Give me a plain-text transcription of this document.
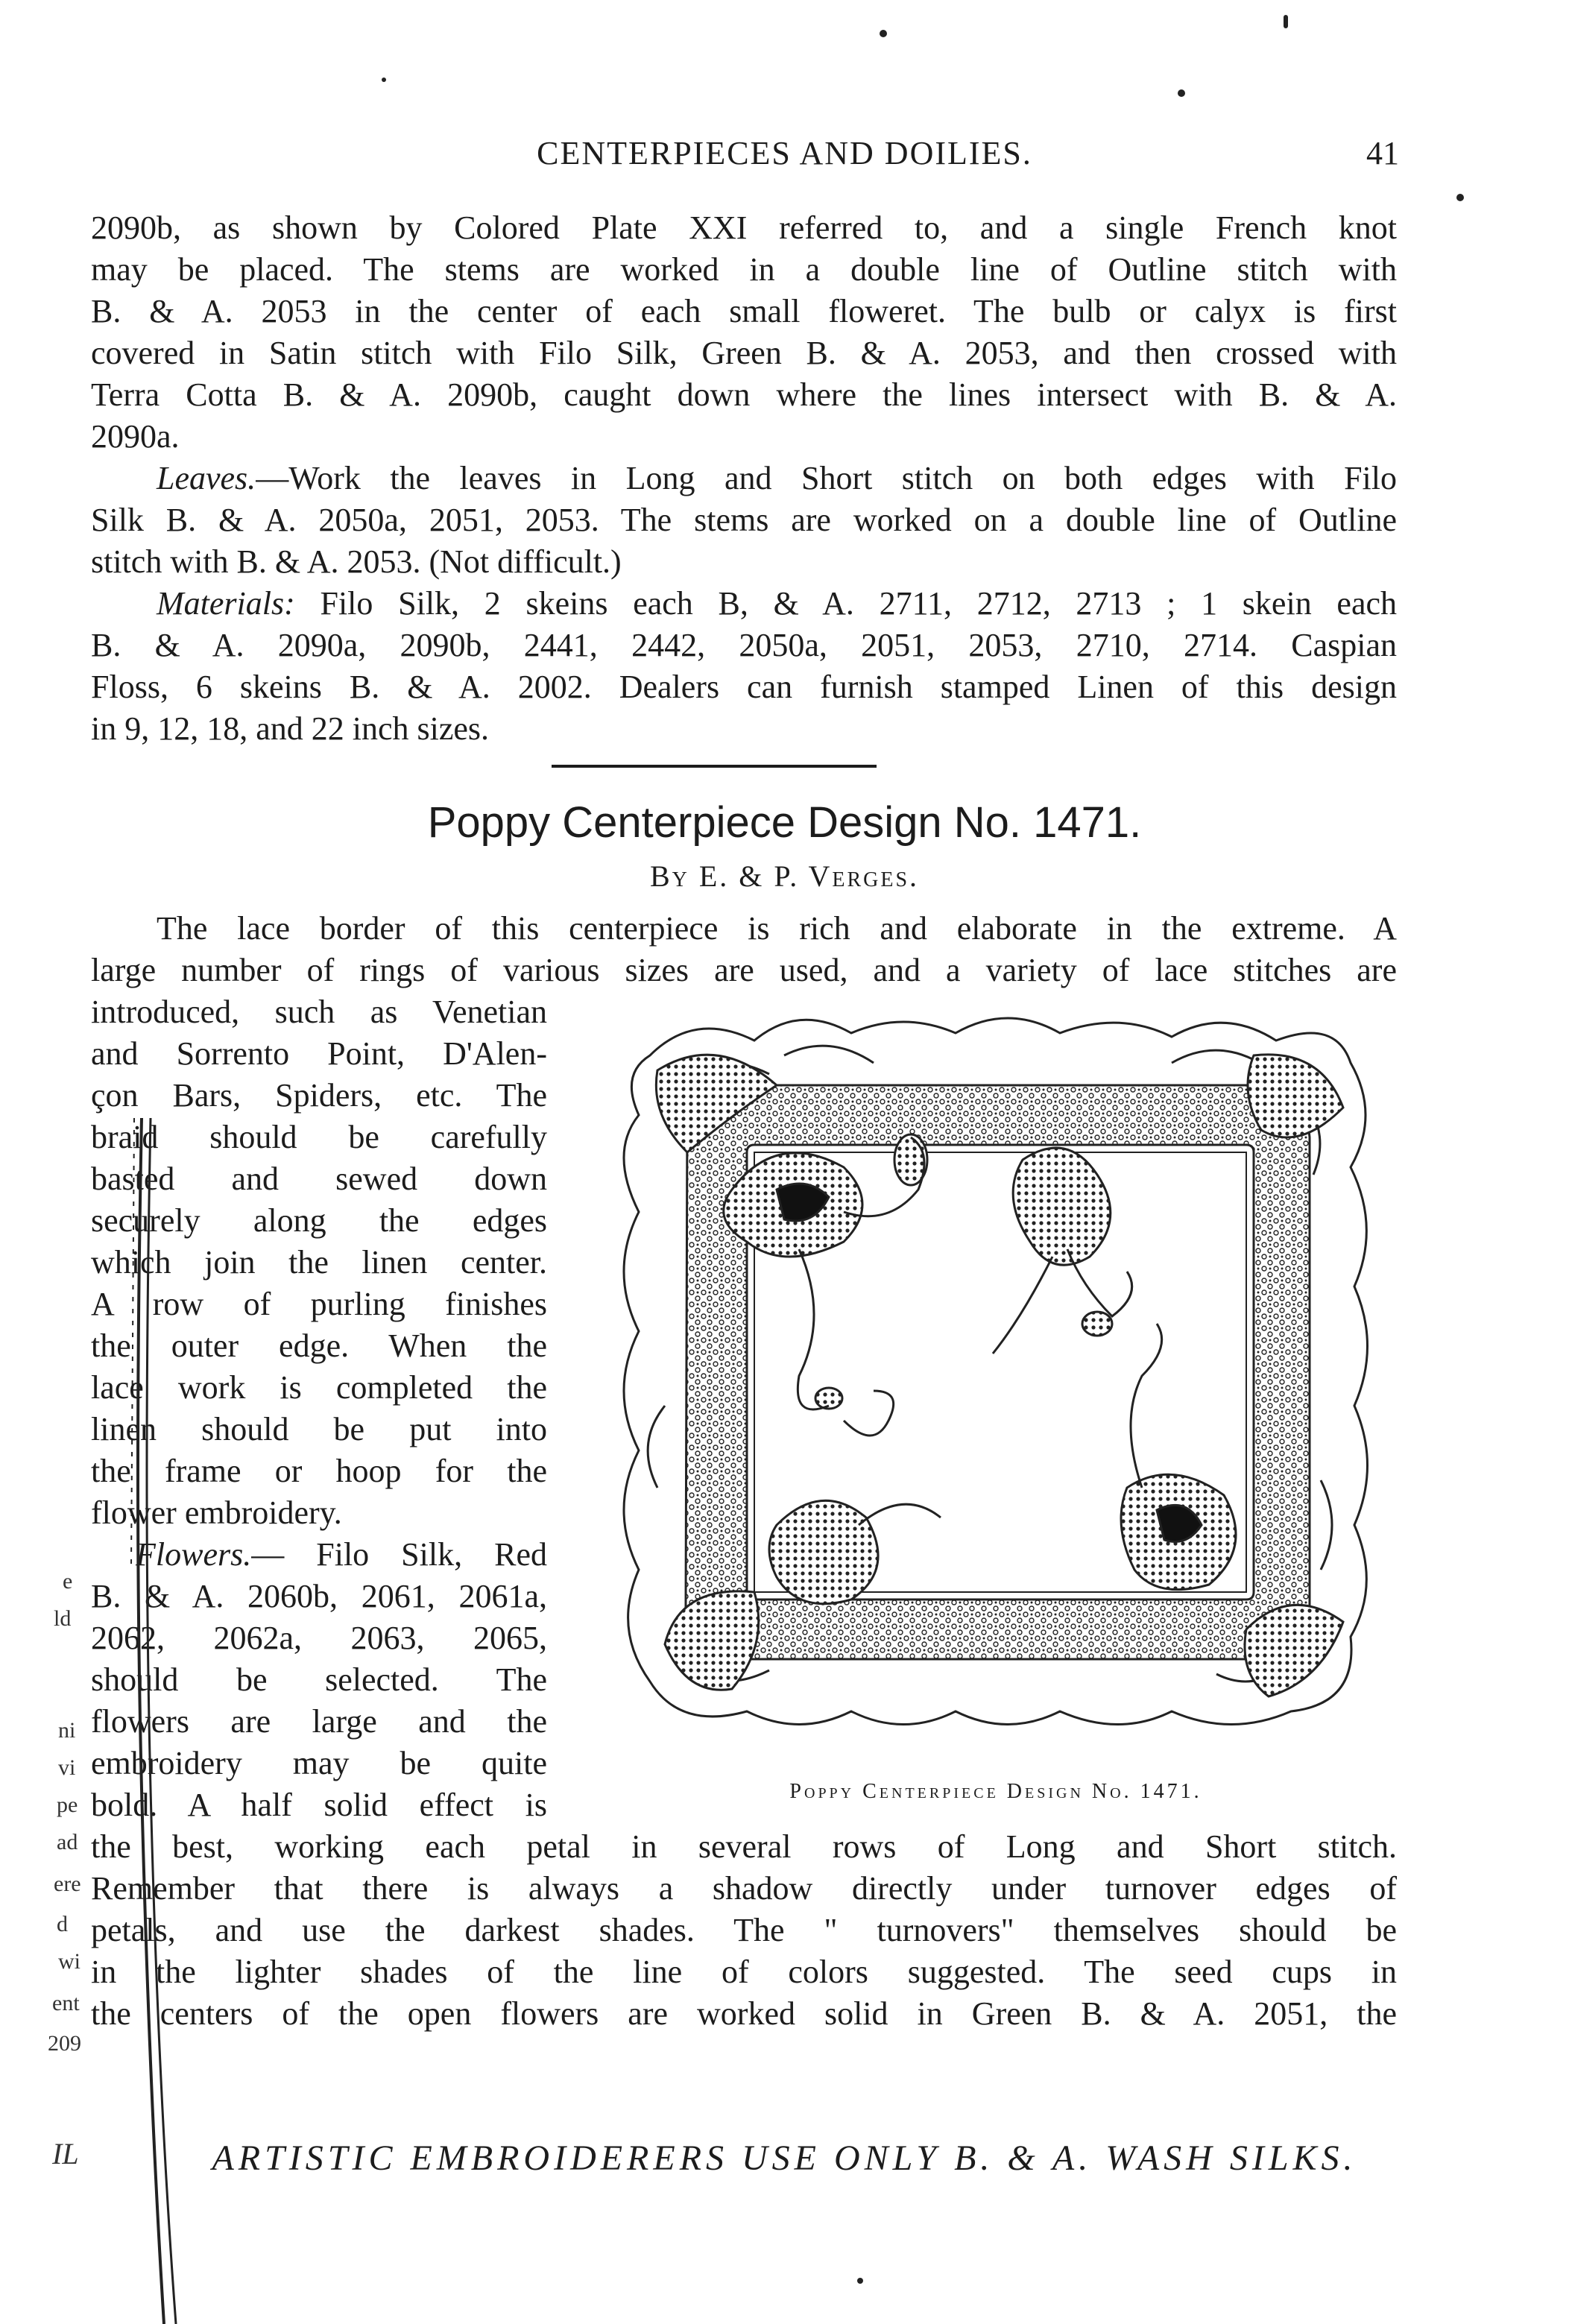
CENTERPIECES AND DOILIES.	41
2090b, as shown by Colored Plate XXI referred to, and a single French knot
may be placed. The stems are worked in a double line of Outline stitch with
B. & A. 2053 in the center of each small floweret. The bulb or calyx is first
covered in Satin stitch with Filo Silk, Green B. & A. 2053, and then crossed with
Terra Cotta B. & A. 2090b, caught down where the lines intersect with B. & A.
2090a.
Leaves.—Work the leaves in Long and Short stitch on both edges with Filo
Silk B. & A. 2050a, 2051, 2053. The stems are worked on a double line of Outline
stitch with B. & A. 2053. (Not difficult.)
Materials: Filo Silk, 2 skeins each B, & A. 2711, 2712, 2713 ; 1 skein each
B. & A. 2090a, 2090b, 2441, 2442, 2050a, 2051, 2053, 2710, 2714. Caspian
Floss, 6 skeins B. & A. 2002. Dealers can furnish stamped Linen of this design
in 9, 12, 18, and 22 inch sizes.
Poppy Centerpiece Design No. 1471.
By E. & P. Verges.
The lace border of this centerpiece is rich and elaborate in the extreme. A
large number of rings of various sizes are used, and a variety of lace stitches are
introduced, such as Venetian
and Sorrento Point, D'Alen-
çon Bars, Spiders, etc. The
braid should be carefully
basted and sewed down
securely along the edges
which join the linen center.
A row of purling finishes
the outer edge. When the
lace work is completed the
linen should be put into
the frame or hoop for the
flower embroidery.
Flowers.— Filo Silk, Red
B. & A. 2060b, 2061, 2061a,
2062, 2062a, 2063, 2065,
should be selected. The
flowers are large and the
embroidery may be quite
bold. A half solid effect is
the best, working each petal in several rows of Long and Short stitch.
Remember that there is always a shadow directly under turnover edges of
petals, and use the darkest shades. The " turnovers" themselves should be
in the lighter shades of the line of colors suggested. The seed cups in
the centers of the open flowers are worked solid in Green B. & A. 2051, the
Poppy Centerpiece Design No. 1471.
ARTISTIC EMBROIDERERS USE ONLY B. & A. WASH SILKS.
e
ld
ni
vi
pe
ad
ere
d
wi
ent
209
IL
